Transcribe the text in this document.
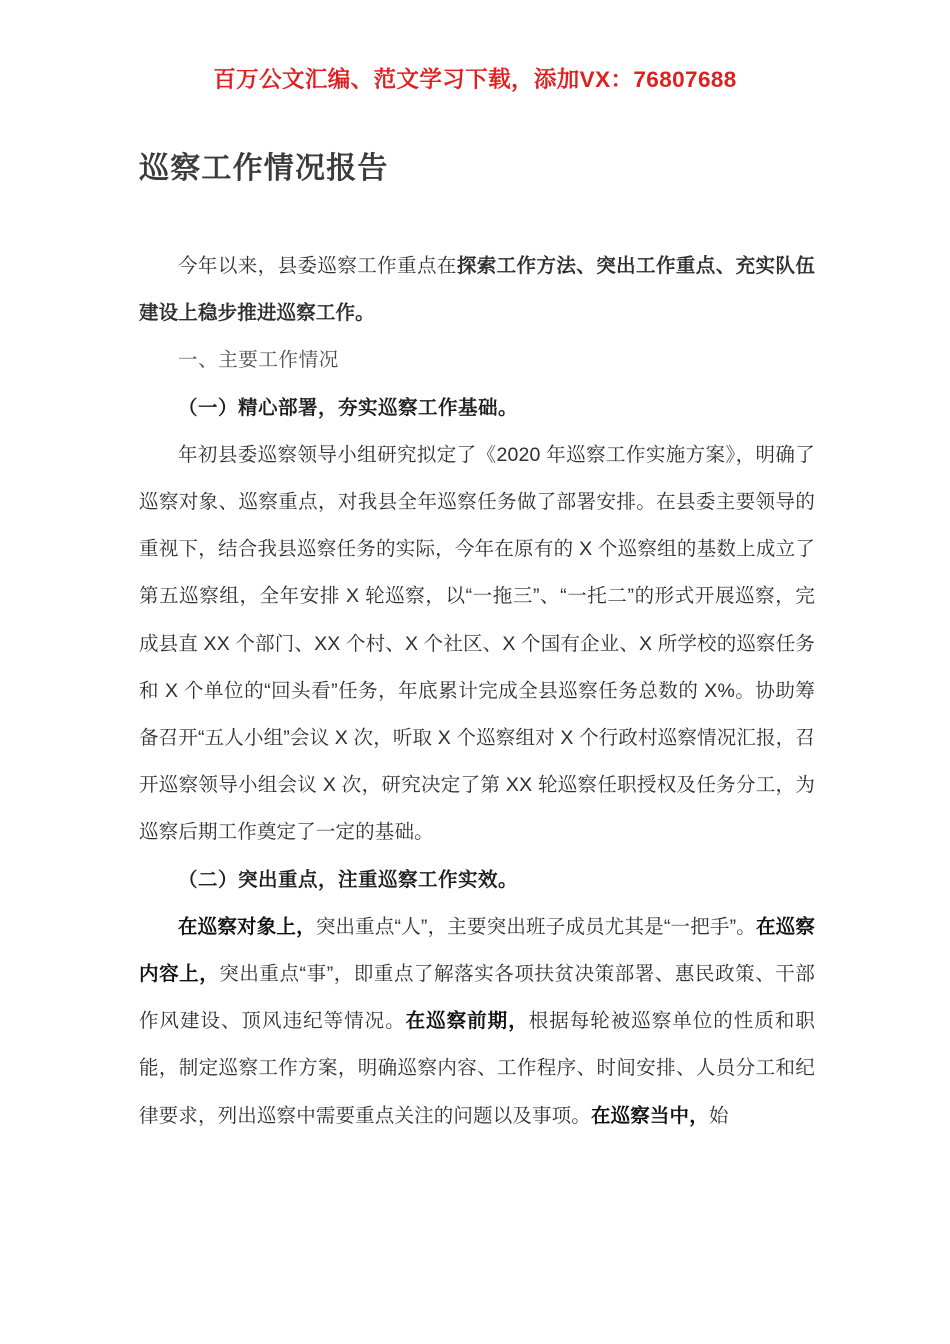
百万公文汇编、范文学习下载，添加VX：76807688
巡察工作情况报告

今年以来，县委巡察工作重点在探索工作方法、突出工作重点、充实队伍建设上稳步推进巡察工作。

一、主要工作情况

（一）精心部署，夯实巡察工作基础。

年初县委巡察领导小组研究拟定了《2020 年巡察工作实施方案》，明确了巡察对象、巡察重点，对我县全年巡察任务做了部署安排。在县委主要领导的重视下，结合我县巡察任务的实际，今年在原有的 X 个巡察组的基数上成立了第五巡察组，全年安排 X 轮巡察，以“一拖三”、“一托二”的形式开展巡察，完成县直 XX 个部门、XX 个村、X 个社区、X 个国有企业、X 所学校的巡察任务和 X 个单位的“回头看”任务，年底累计完成全县巡察任务总数的 X%。协助筹备召开“五人小组”会议 X 次，听取 X 个巡察组对 X 个行政村巡察情况汇报，召开巡察领导小组会议 X 次，研究决定了第 XX 轮巡察任职授权及任务分工，为巡察后期工作奠定了一定的基础。

（二）突出重点，注重巡察工作实效。

在巡察对象上，突出重点“人”，主要突出班子成员尤其是“一把手”。在巡察内容上，突出重点“事”，即重点了解落实各项扶贫决策部署、惠民政策、干部作风建设、顶风违纪等情况。在巡察前期，根据每轮被巡察单位的性质和职能，制定巡察工作方案，明确巡察内容、工作程序、时间安排、人员分工和纪律要求，列出巡察中需要重点关注的问题以及事项。在巡察当中，始
